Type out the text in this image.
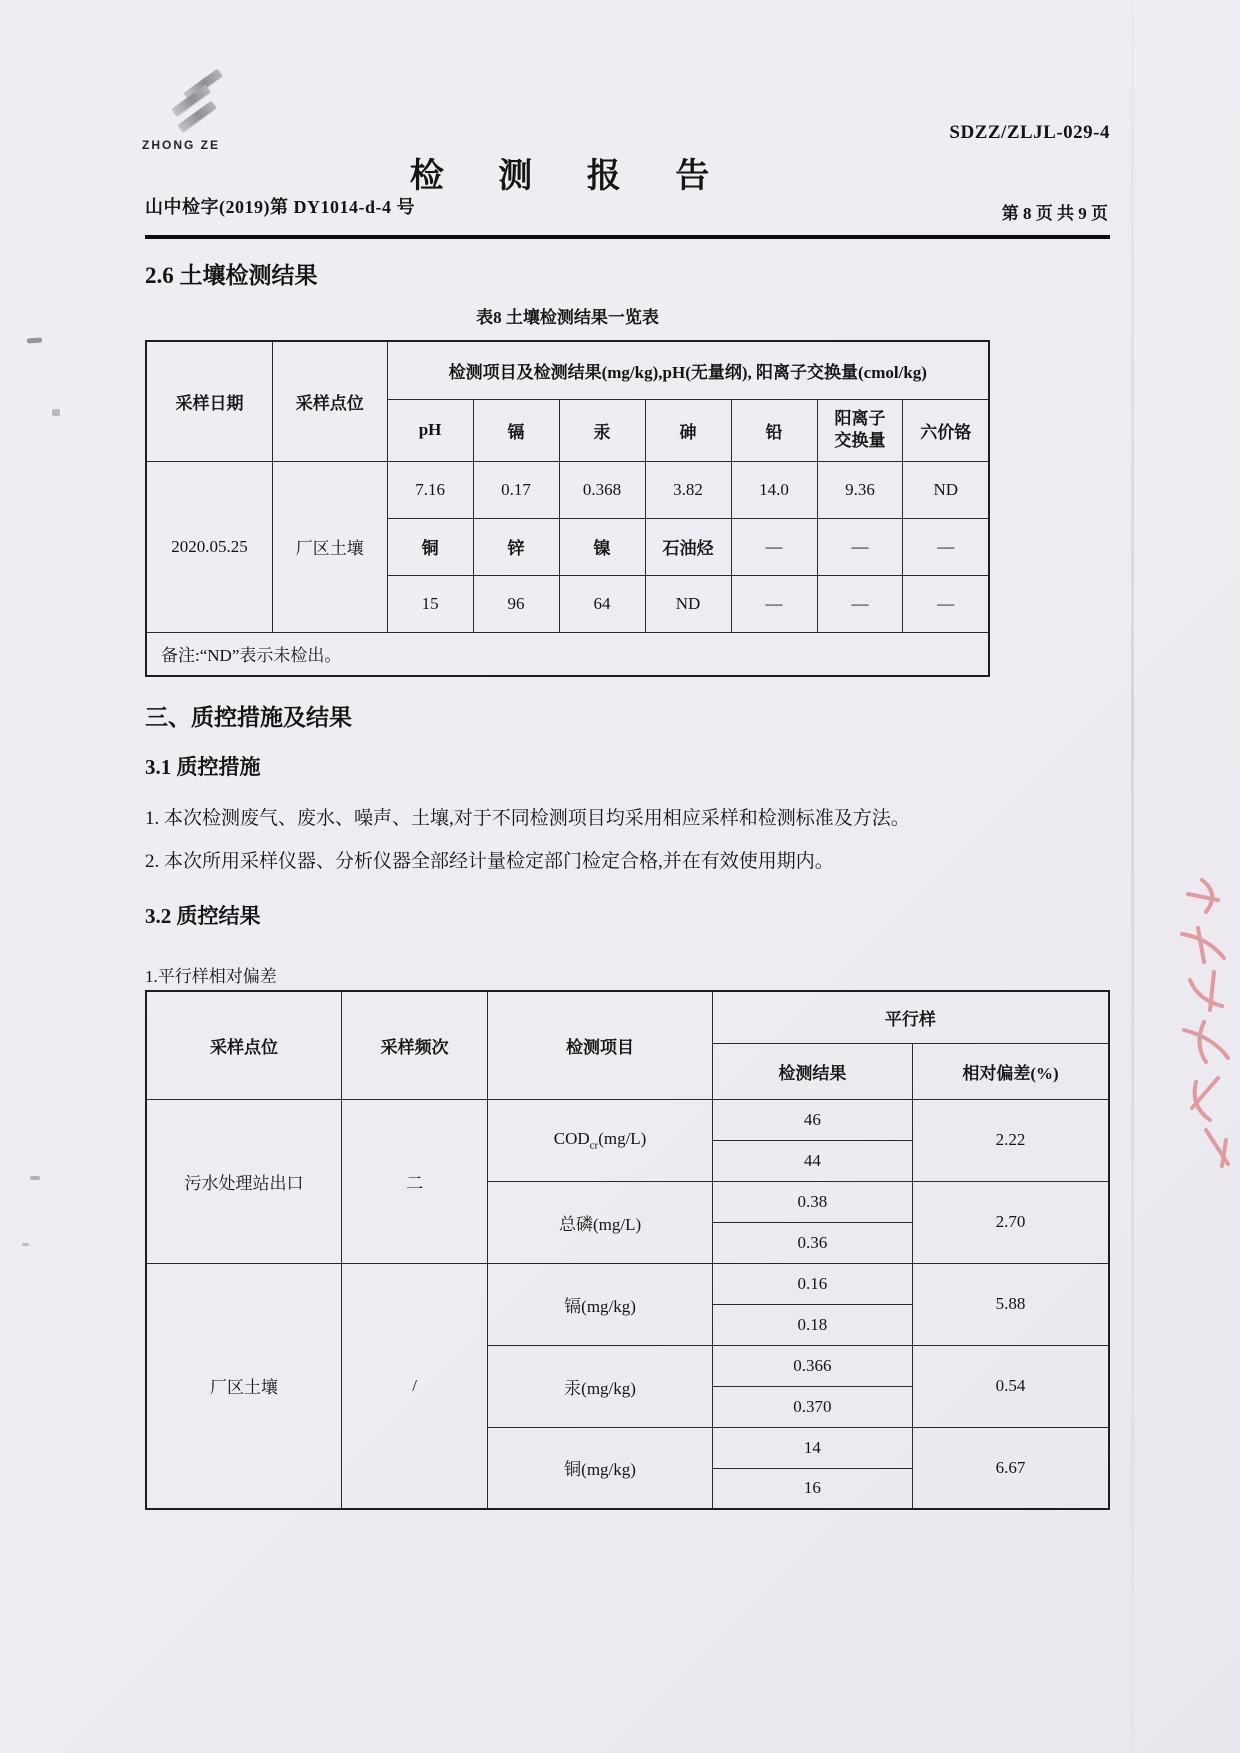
ZHONG ZE
SDZZ/ZLJL-029-4
检 测 报 告
山中检字(2019)第 DY1014-d-4 号	第 8 页 共 9 页
2.6 土壤检测结果
表8 土壤检测结果一览表
采样日期	采样点位	检测项目及检测结果(mg/kg),pH(无量纲), 阳离子交换量(cmol/kg)						
		pH	镉	汞	砷	铅	阳离子交换量	六价铬
2020.05.25	厂区土壤	7.16	0.17	0.368	3.82	14.0	9.36	ND
		铜	锌	镍	石油烃	—	—	—
		15	96	64	ND	—	—	—
备注:“ND”表示未检出。								
三、质控措施及结果
3.1 质控措施
1. 本次检测废气、废水、噪声、土壤,对于不同检测项目均采用相应采样和检测标准及方法。
2. 本次所用采样仪器、分析仪器全部经计量检定部门检定合格,并在有效使用期内。
3.2 质控结果
1.平行样相对偏差
采样点位	采样频次	检测项目	平行样	
			检测结果	相对偏差(%)
污水处理站出口	二	$COD_{cr}(mg/L)$	46	2.22
			44	
		总磷(mg/L)	0.38	2.70
			0.36	
厂区土壤	/	镉(mg/kg)	0.16	5.88
			0.18	
		汞(mg/kg)	0.366	0.54
			0.370	
		铜(mg/kg)	14	6.67
			16	
